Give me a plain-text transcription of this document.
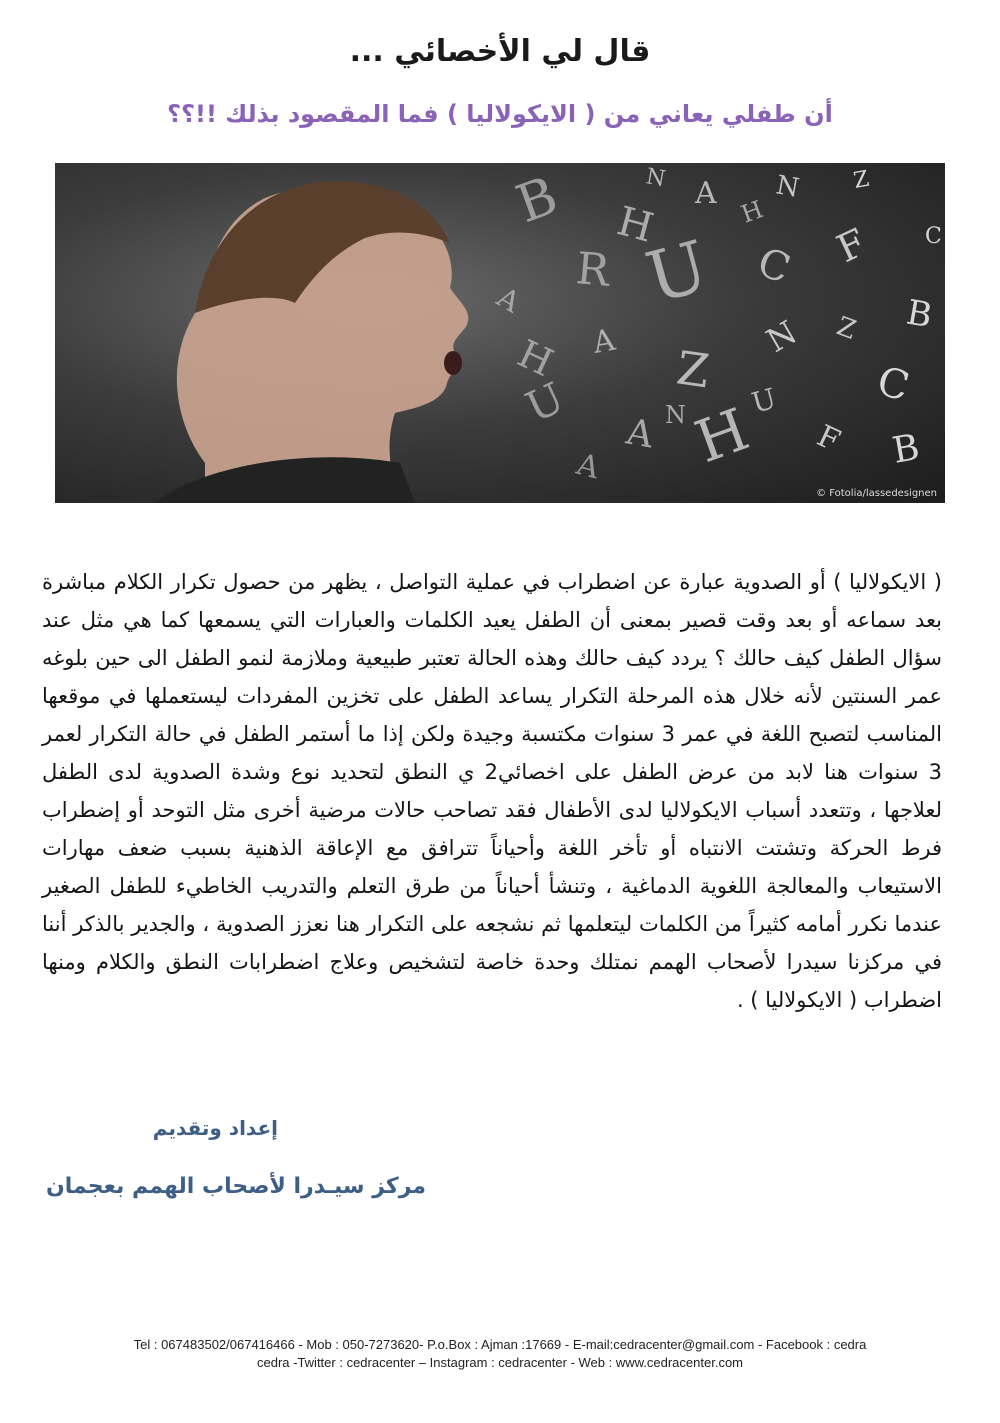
قال لي الأخصائي ...
أن طفلي يعاني من ( الايكولاليا ) فما المقصود بذلك !!؟؟
B H
A N Z
R U C F
B
H A Z
N
C
U
A H F B
A
N U
Z
C
A
H
N
© Fotolia/lassedesignen
( الايكولاليا ) أو الصدوية عبارة عن اضطراب في عملية التواصل ، يظهر من حصول تكرار الكلام مباشرة بعد سماعه أو بعد وقت قصير بمعنى أن الطفل يعيد الكلمات والعبارات التي يسمعها كما هي مثل عند سؤال الطفل كيف حالك ؟ يردد كيف حالك وهذه الحالة تعتبر طبيعية وملازمة لنمو الطفل الى حين بلوغه عمر السنتين لأنه خلال هذه المرحلة التكرار يساعد الطفل على تخزين المفردات ليستعملها في موقعها المناسب لتصبح اللغة في عمر 3 سنوات مكتسبة وجيدة ولكن إذا ما أستمر الطفل في حالة التكرار لعمر 3 سنوات هنا لابد من عرض الطفل على اخصائي2 ي النطق لتحديد نوع وشدة الصدوية لدى الطفل لعلاجها ، وتتعدد أسباب الايكولاليا لدى الأطفال فقد تصاحب حالات مرضية أخرى مثل التوحد أو إضطراب فرط الحركة وتشتت الانتباه أو تأخر اللغة وأحياناً تترافق مع الإعاقة الذهنية بسبب ضعف مهارات الاستيعاب والمعالجة اللغوية الدماغية ، وتنشأ أحياناً من طرق التعلم والتدريب الخاطيء للطفل الصغير عندما نكرر أمامه كثيراً من الكلمات ليتعلمها ثم نشجعه على التكرار هنا نعزز الصدوية ، والجدير بالذكر أننا في مركزنا سيدرا لأصحاب الهمم نمتلك وحدة خاصة لتشخيص وعلاج اضطرابات النطق والكلام ومنها اضطراب ( الايكولاليا ) .
إعداد وتقديم
مركز سيـدرا لأصحاب الهمم بعجمان
Tel : 067483502/067416466 - Mob : 050-7273620- P.o.Box : Ajman :17669 - E-mail:cedracenter@gmail.com - Facebook : cedra
cedra -Twitter : cedracenter – Instagram : cedracenter - Web : www.cedracenter.com
